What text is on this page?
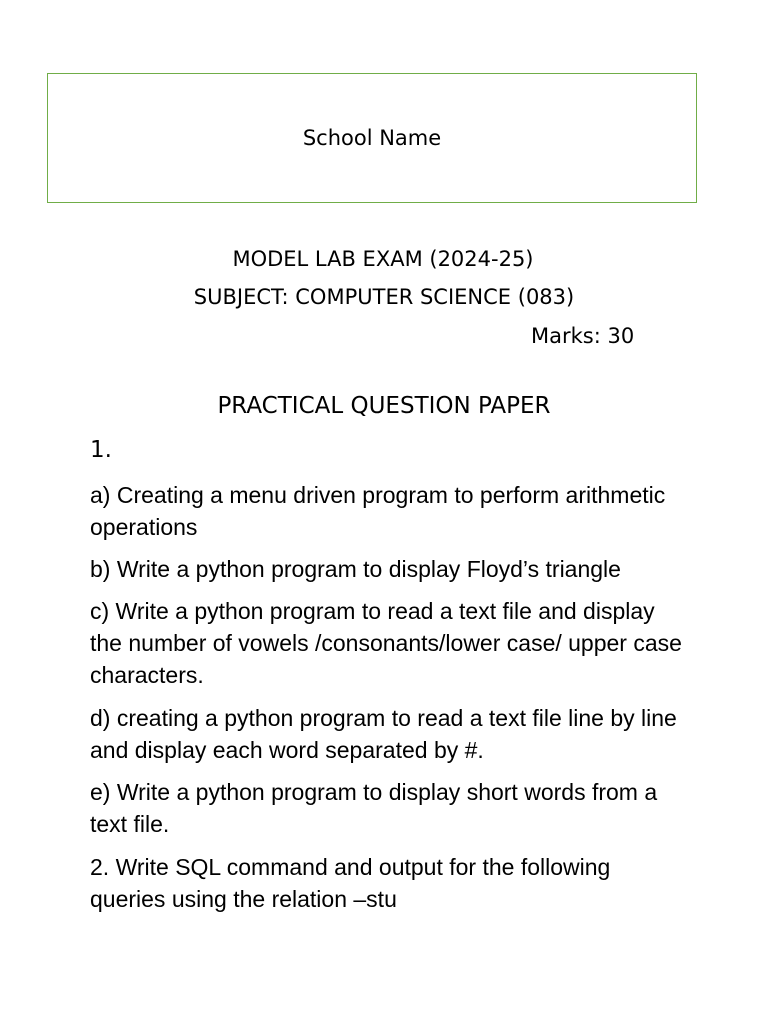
School Name
MODEL LAB EXAM (2024-25)
SUBJECT: COMPUTER SCIENCE (083)
Marks: 30
PRACTICAL QUESTION PAPER
1.
a) Creating a menu driven program to perform arithmetic operations
b) Write a python program to display Floyd’s triangle
c) Write a python program to read a text file and display the number of vowels /consonants/lower case/ upper case characters.
d) creating a python program to read a text file line by line and display each word separated by #.
e) Write a python program to display short words from a text file.
2. Write SQL command and output for the following queries using the relation –stu
